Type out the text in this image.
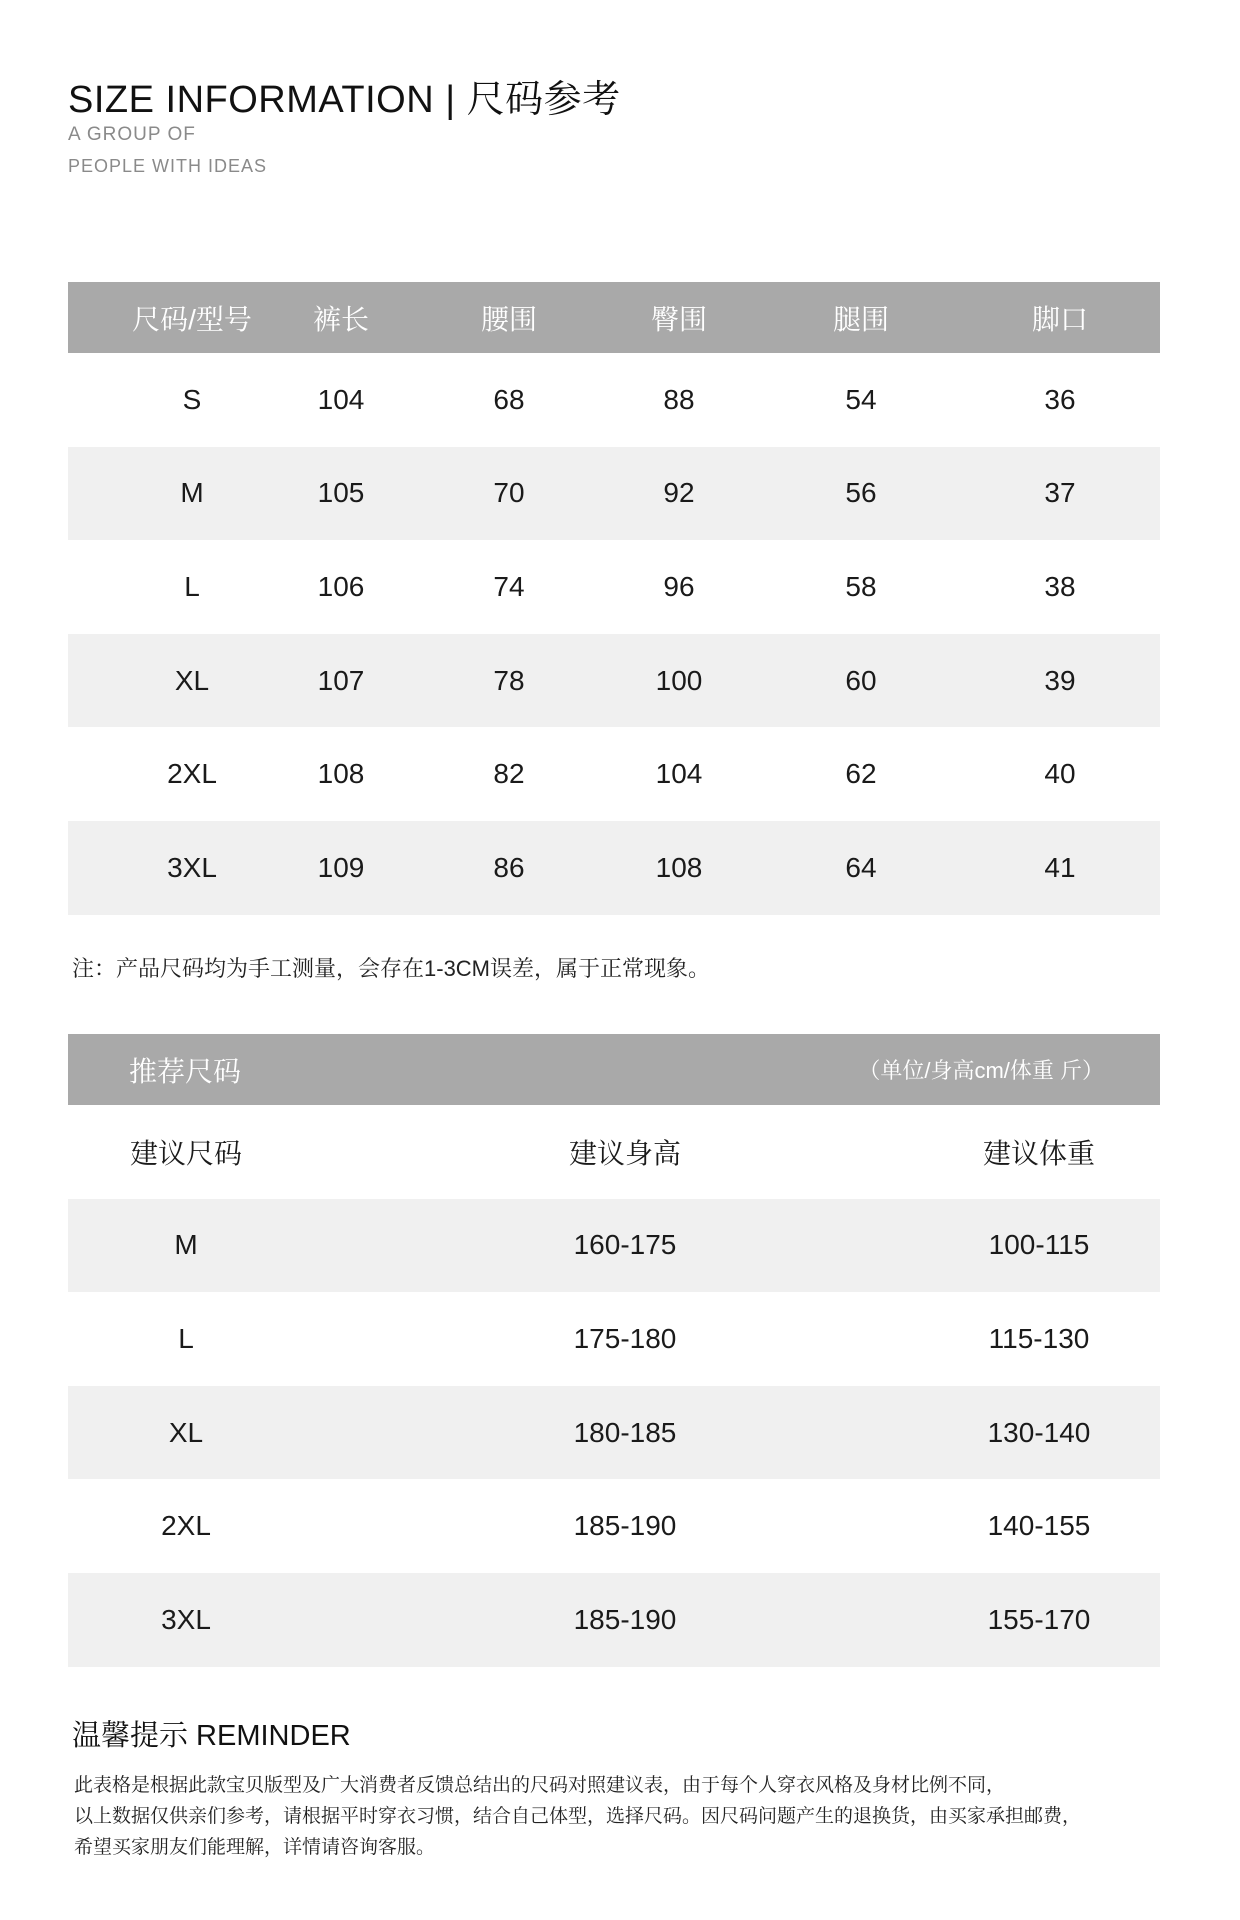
SIZE INFORMATION | 尺码参考
A GROUP OF
PEOPLE WITH IDEAS
尺码/型号	裤长	腰围	臀围	腿围	脚口
S	104	68	88	54	36
M	105	70	92	56	37
L	106	74	96	58	38
XL	107	78	100	60	39
2XL	108	82	104	62	40
3XL	109	86	108	64	41
注：产品尺码均为手工测量，会存在1-3CM误差，属于正常现象。
推荐尺码	（单位/身高cm/体重 斤）
建议尺码	建议身高	建议体重
M	160-175	100-115
L	175-180	115-130
XL	180-185	130-140
2XL	185-190	140-155
3XL	185-190	155-170
温馨提示 REMINDER
此表格是根据此款宝贝版型及广大消费者反馈总结出的尺码对照建议表，由于每个人穿衣风格及身材比例不同，
以上数据仅供亲们参考，请根据平时穿衣习惯，结合自己体型，选择尺码。因尺码问题产生的退换货，由买家承担邮费，
希望买家朋友们能理解，详情请咨询客服。
